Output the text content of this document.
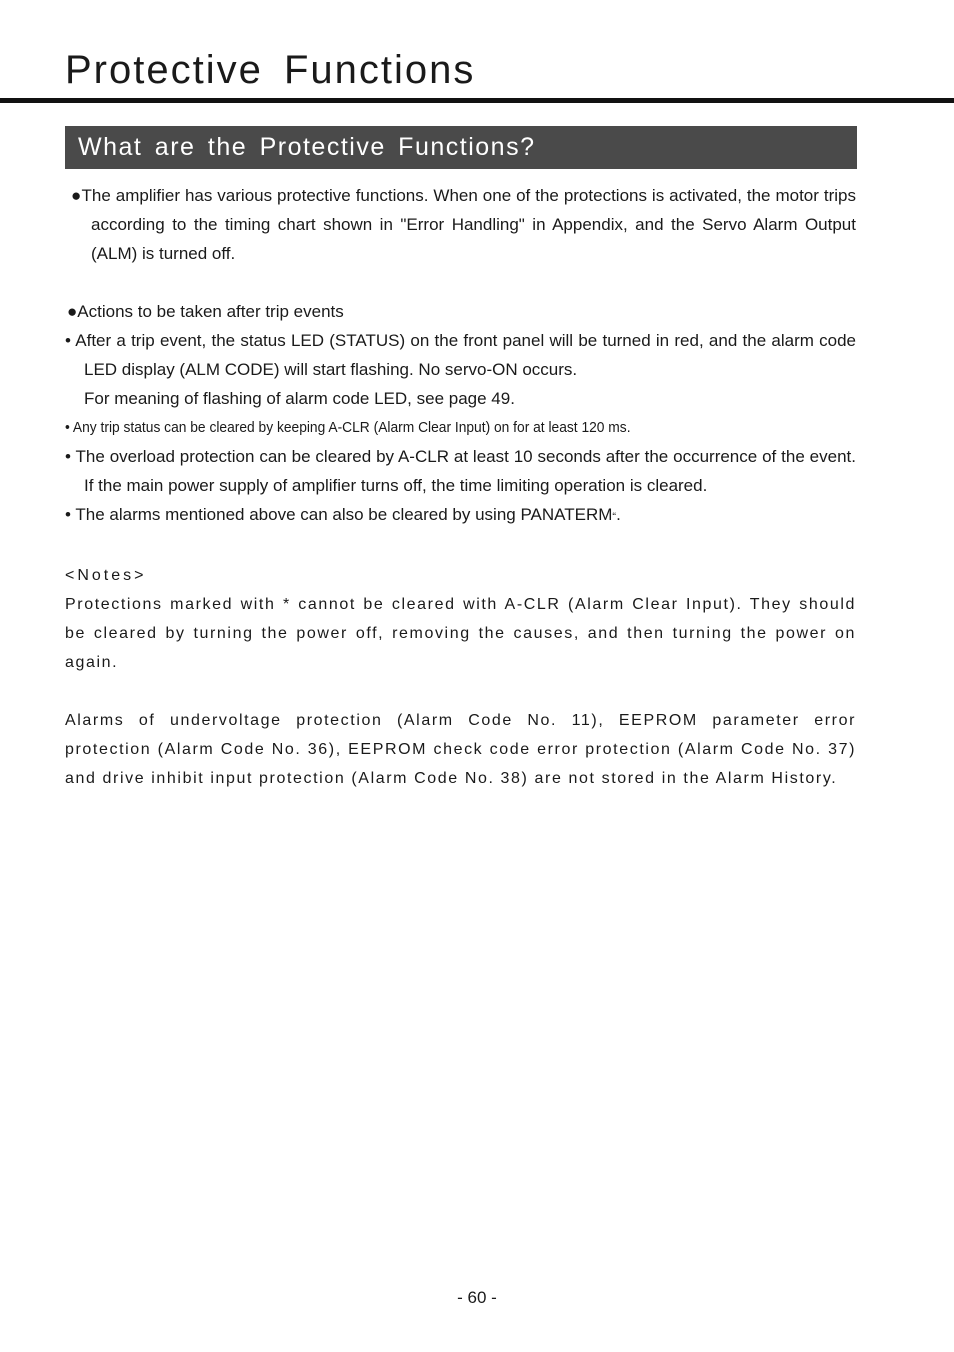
Protective Functions
What are the Protective Functions?

●The amplifier has various protective functions. When one of the protections is activated, the motor trips according to the timing chart shown in "Error Handling" in Appendix, and the Servo Alarm Output (ALM) is turned off.

●Actions to be taken after trip events

• After a trip event, the status LED (STATUS) on the front panel will be turned in red, and the alarm code LED display (ALM CODE) will start flashing. No servo-ON occurs.

For meaning of flashing of alarm code LED, see page 49.

• Any trip status can be cleared by keeping A-CLR (Alarm Clear Input) on for at least 120 ms.

• The overload protection can be cleared by A-CLR at least 10 seconds after the occurrence of the event. If the main power supply of amplifier turns off, the time limiting operation is cleared.

• The alarms mentioned above can also be cleared by using PANATERM“.

<Notes>

Protections marked with * cannot be cleared with A-CLR (Alarm Clear Input). They should be cleared by turning the power off, removing the causes, and then turning the power on again.

Alarms of undervoltage protection (Alarm Code No. 11), EEPROM parameter error protection (Alarm Code No. 36), EEPROM check code error protection (Alarm Code No. 37) and drive inhibit input protection (Alarm Code No. 38) are not stored in the Alarm History.

- 60 -
